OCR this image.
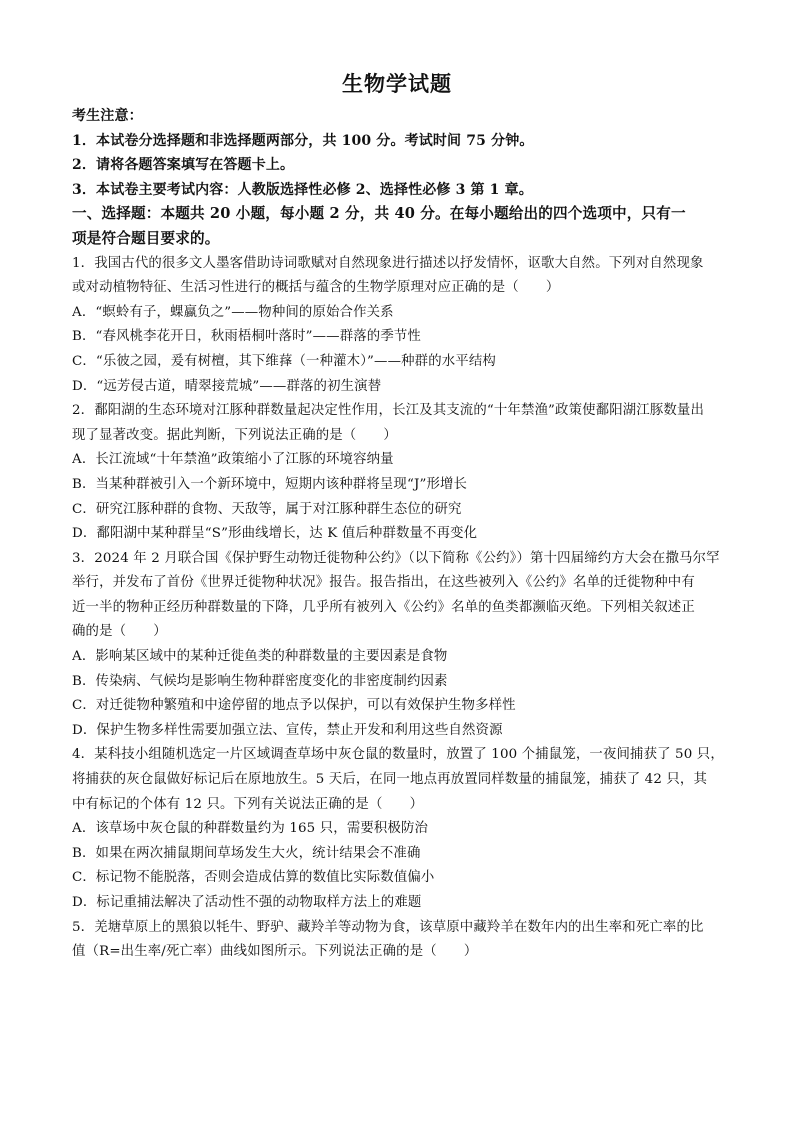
生物学试题
考生注意：
1．本试卷分选择题和非选择题两部分，共 100 分。考试时间 75 分钟。
2．请将各题答案填写在答题卡上。
3．本试卷主要考试内容：人教版选择性必修 2、选择性必修 3 第 1 章。
一、选择题：本题共 20 小题，每小题 2 分，共 40 分。在每小题给出的四个选项中，只有一
项是符合题目要求的。
1．我国古代的很多文人墨客借助诗词歌赋对自然现象进行描述以抒发情怀，讴歌大自然。下列对自然现象
或对动植物特征、生活习性进行的概括与蕴含的生物学原理对应正确的是（　　）
A．“螟蛉有子，蜾蠃负之”——物种间的原始合作关系
B．“春风桃李花开日，秋雨梧桐叶落时”——群落的季节性
C．“乐彼之园，爰有树檀，其下维萚（一种灌木）”——种群的水平结构
D．“远芳侵古道，晴翠接荒城”——群落的初生演替
2．鄱阳湖的生态环境对江豚种群数量起决定性作用，长江及其支流的“十年禁渔”政策使鄱阳湖江豚数量出
现了显著改变。据此判断，下列说法正确的是（　　）
A．长江流域“十年禁渔”政策缩小了江豚的环境容纳量
B．当某种群被引入一个新环境中，短期内该种群将呈现“J”形增长
C．研究江豚种群的食物、天敌等，属于对江豚种群生态位的研究
D．鄱阳湖中某种群呈“S”形曲线增长，达 K 值后种群数量不再变化
3．2024 年 2 月联合国《保护野生动物迁徙物种公约》（以下简称《公约》）第十四届缔约方大会在撒马尔罕
举行，并发布了首份《世界迁徙物种状况》报告。报告指出，在这些被列入《公约》名单的迁徙物种中有
近一半的物种正经历种群数量的下降，几乎所有被列入《公约》名单的鱼类都濒临灭绝。下列相关叙述正
确的是（　　）
A．影响某区域中的某种迁徙鱼类的种群数量的主要因素是食物
B．传染病、气候均是影响生物种群密度变化的非密度制约因素
C．对迁徙物种繁殖和中途停留的地点予以保护，可以有效保护生物多样性
D．保护生物多样性需要加强立法、宣传，禁止开发和利用这些自然资源
4．某科技小组随机选定一片区域调查草场中灰仓鼠的数量时，放置了 100 个捕鼠笼，一夜间捕获了 50 只，
将捕获的灰仓鼠做好标记后在原地放生。5 天后，在同一地点再放置同样数量的捕鼠笼，捕获了 42 只，其
中有标记的个体有 12 只。下列有关说法正确的是（　　）
A．该草场中灰仓鼠的种群数量约为 165 只，需要积极防治
B．如果在两次捕鼠期间草场发生大火，统计结果会不准确
C．标记物不能脱落，否则会造成估算的数值比实际数值偏小
D．标记重捕法解决了活动性不强的动物取样方法上的难题
5．羌塘草原上的黑狼以牦牛、野驴、藏羚羊等动物为食，该草原中藏羚羊在数年内的出生率和死亡率的比
值（R=出生率/死亡率）曲线如图所示。下列说法正确的是（　　）
